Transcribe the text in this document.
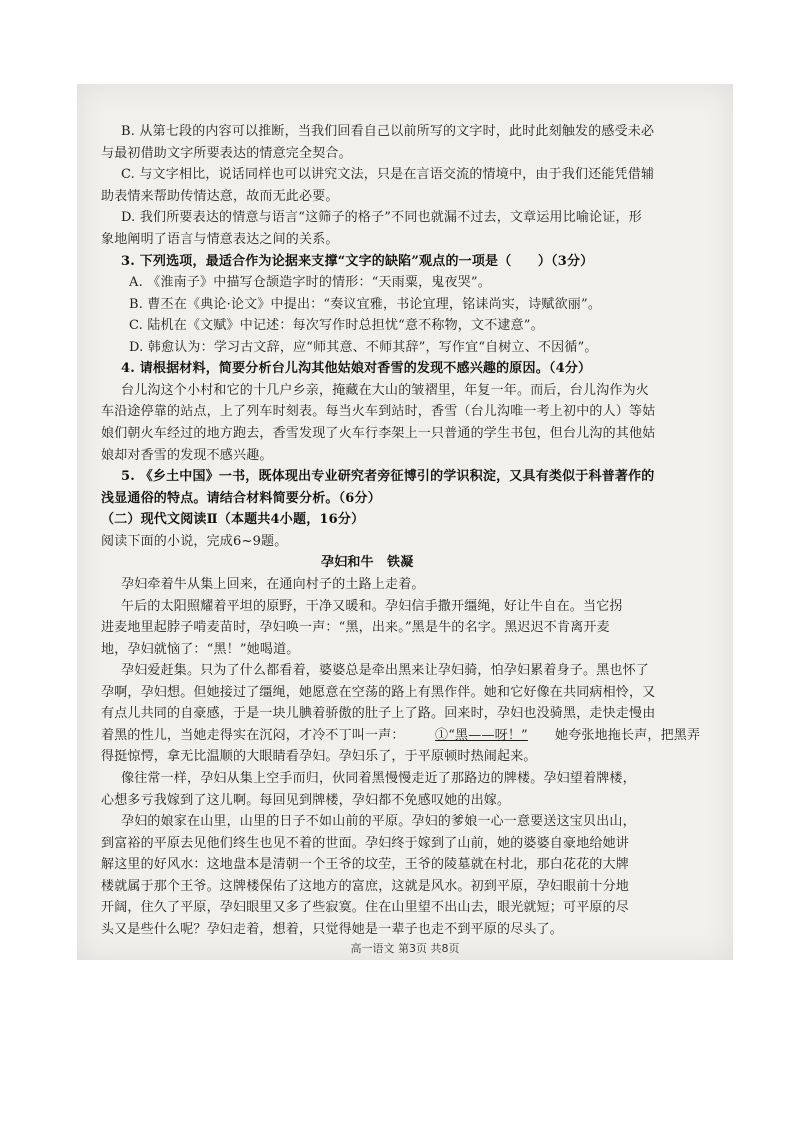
B. 从第七段的内容可以推断，当我们回看自己以前所写的文字时，此时此刻触发的感受未必
与最初借助文字所要表达的情意完全契合。
C. 与文字相比，说话同样也可以讲究文法，只是在言语交流的情境中，由于我们还能凭借辅
助表情来帮助传情达意，故而无此必要。
D. 我们所要表达的情意与语言“这筛子的格子”不同也就漏不过去，文章运用比喻论证，形
象地阐明了语言与情意表达之间的关系。
3. 下列选项，最适合作为论据来支撑“文字的缺陷”观点的一项是（　　）（3分）
A. 《淮南子》中描写仓颉造字时的情形：“天雨粟，鬼夜哭”。
B. 曹丕在《典论·论文》中提出：“奏议宜雅，书论宜理，铭诔尚实，诗赋欲丽”。
C. 陆机在《文赋》中记述：每次写作时总担忧“意不称物，文不逮意”。
D. 韩愈认为：学习古文辞，应“师其意、不师其辞”，写作宜“自树立、不因循”。
4. 请根据材料，简要分析台儿沟其他姑娘对香雪的发现不感兴趣的原因。（4分）
台儿沟这个小村和它的十几户乡亲，掩藏在大山的皱褶里，年复一年。而后，台儿沟作为火
车沿途停靠的站点，上了列车时刻表。每当火车到站时，香雪（台儿沟唯一考上初中的人）等姑
娘们朝火车经过的地方跑去，香雪发现了火车行李架上一只普通的学生书包，但台儿沟的其他姑
娘却对香雪的发现不感兴趣。
5. 《乡土中国》一书，既体现出专业研究者旁征博引的学识积淀，又具有类似于科普著作的
浅显通俗的特点。请结合材料简要分析。（6分）
（二）现代文阅读Ⅱ（本题共4小题，16分）
阅读下面的小说，完成6~9题。
孕妇和牛　铁凝
孕妇牵着牛从集上回来，在通向村子的土路上走着。
午后的太阳照耀着平坦的原野，干净又暖和。孕妇信手撒开缰绳，好让牛自在。当它拐
进麦地里起脖子啃麦苗时，孕妇唤一声：“黑，出来。”黑是牛的名字。黑迟迟不肯离开麦
地，孕妇就恼了：“黑！”她喝道。
孕妇爱赶集。只为了什么都看着，婆婆总是牵出黑来让孕妇骑，怕孕妇累着身子。黑也怀了
孕啊，孕妇想。但她接过了缰绳，她愿意在空荡的路上有黑作伴。她和它好像在共同病相怜，又
有点儿共同的自豪感，于是一块儿腆着骄傲的肚子上了路。回来时，孕妇也没骑黑，走快走慢由
着黑的性儿，当她走得实在沉闷，才冷不丁叫一声：	①“黑——呀！”	她夸张地拖长声，把黑弄
得挺惊愕，拿无比温顺的大眼睛看孕妇。孕妇乐了，于平原顿时热闹起来。
像往常一样，孕妇从集上空手而归，伙同着黑慢慢走近了那路边的牌楼。孕妇望着牌楼，
心想多亏我嫁到了这儿啊。每回见到牌楼，孕妇都不免感叹她的出嫁。
孕妇的娘家在山里，山里的日子不如山前的平原。孕妇的爹娘一心一意要送这宝贝出山，
到富裕的平原去见他们终生也见不着的世面。孕妇终于嫁到了山前，她的婆婆自豪地给她讲
解这里的好风水：这地盘本是清朝一个王爷的坟茔，王爷的陵墓就在村北，那白花花的大牌
楼就属于那个王爷。这牌楼保佑了这地方的富庶，这就是风水。初到平原，孕妇眼前十分地
开阔，住久了平原，孕妇眼里又多了些寂寞。住在山里望不出山去，眼光就短；可平原的尽
头又是些什么呢？孕妇走着，想着，只觉得她是一辈子也走不到平原的尽头了。
高一语文 第3页 共8页
